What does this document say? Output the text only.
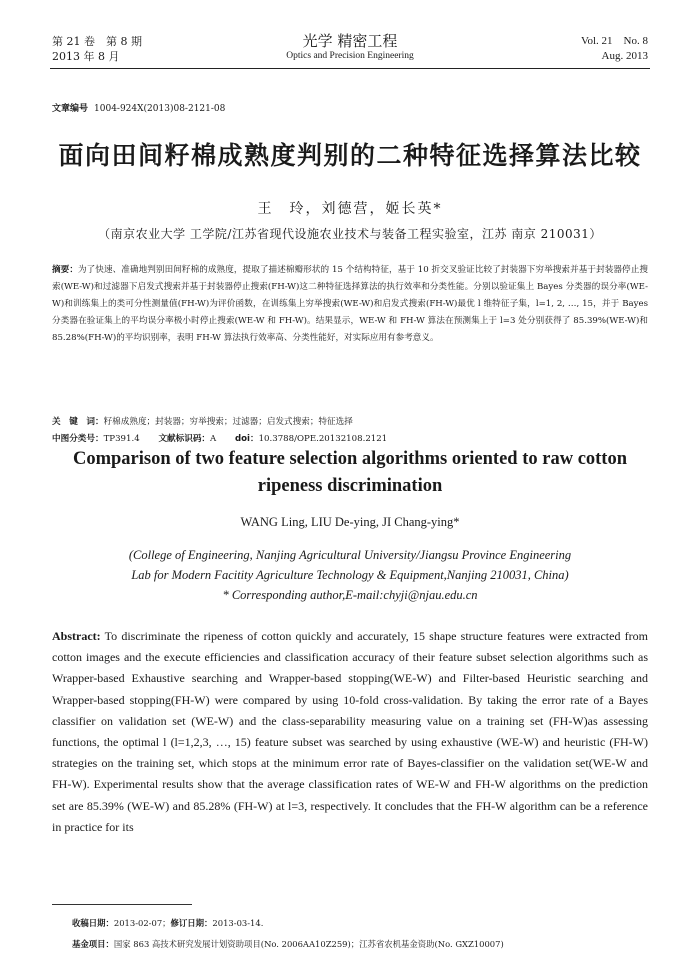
第 21 卷　第 8 期
2013 年 8 月
光学 精密工程
Optics and Precision Engineering
Vol. 21　No. 8
Aug. 2013
文章编号 1004-924X(2013)08-2121-08
面向田间籽棉成熟度判别的二种特征选择算法比较
王　玲，刘德营，姬长英*
（南京农业大学 工学院/江苏省现代设施农业技术与装备工程实验室，江苏 南京 210031）
摘要：为了快速、准确地判别田间籽棉的成熟度，提取了描述棉瓣形状的 15 个结构特征，基于 10 折交叉验证比较了封装器下穷举搜索并基于封装器停止搜索(WE-W)和过滤器下启发式搜索并基于封装器停止搜索(FH-W)这二种特征选择算法的执行效率和分类性能。分别以验证集上 Bayes 分类器的误分率(WE-W)和训练集上的类可分性测量值(FH-W)为评价函数，在训练集上穷举搜索(WE-W)和启发式搜索(FH-W)最优 l 维特征子集，l=1, 2, …, 15，并于 Bayes 分类器在验证集上的平均误分率极小时停止搜索(WE-W 和 FH-W)。结果显示，WE-W 和 FH-W 算法在预测集上于 l=3 处分别获得了 85.39%(WE-W)和 85.28%(FH-W)的平均识别率，表明 FH-W 算法执行效率高、分类性能好，对实际应用有参考意义。
关　键　词：籽棉成熟度；封装器；穷举搜索；过滤器；启发式搜索；特征选择
中图分类号：TP391.4 文献标识码：A doi：10.3788/OPE.20132108.2121
Comparison of two feature selection algorithms oriented to raw cotton ripeness discrimination
WANG Ling, LIU De-ying, JI Chang-ying*
(College of Engineering, Nanjing Agricultural University/Jiangsu Province Engineering
Lab for Modern Facitity Agriculture Technology & Equipment,Nanjing 210031, China)
* Corresponding author,E-mail:chyji@njau.edu.cn
Abstract: To discriminate the ripeness of cotton quickly and accurately, 15 shape structure features were extracted from cotton images and the execute efficiencies and classification accuracy of their feature subset selection algorithms such as Wrapper-based Exhaustive searching and Wrapper-based stopping(WE-W) and Filter-based Heuristic searching and Wrapper-based stopping(FH-W) were compared by using 10-fold cross-validation. By taking the error rate of a Bayes classifier on validation set (WE-W) and the class-separability measuring value on a training set (FH-W)as assessing functions, the optimal l (l=1,2,3, …, 15) feature subset was searched by using exhaustive (WE-W) and heuristic (FH-W) strategies on the training set, which stops at the minimum error rate of Bayes-classifier on the validation set(WE-W and FH-W). Experimental results show that the average classification rates of WE-W and FH-W algorithms on the prediction set are 85.39% (WE-W) and 85.28% (FH-W) at l=3, respectively. It concludes that the FH-W algorithm can be a reference in practice for its
收稿日期：2013-02-07；修订日期：2013-03-14.
基金项目：国家 863 高技术研究发展计划资助项目(No. 2006AA10Z259)；江苏省农机基金资助(No. GXZ10007)
